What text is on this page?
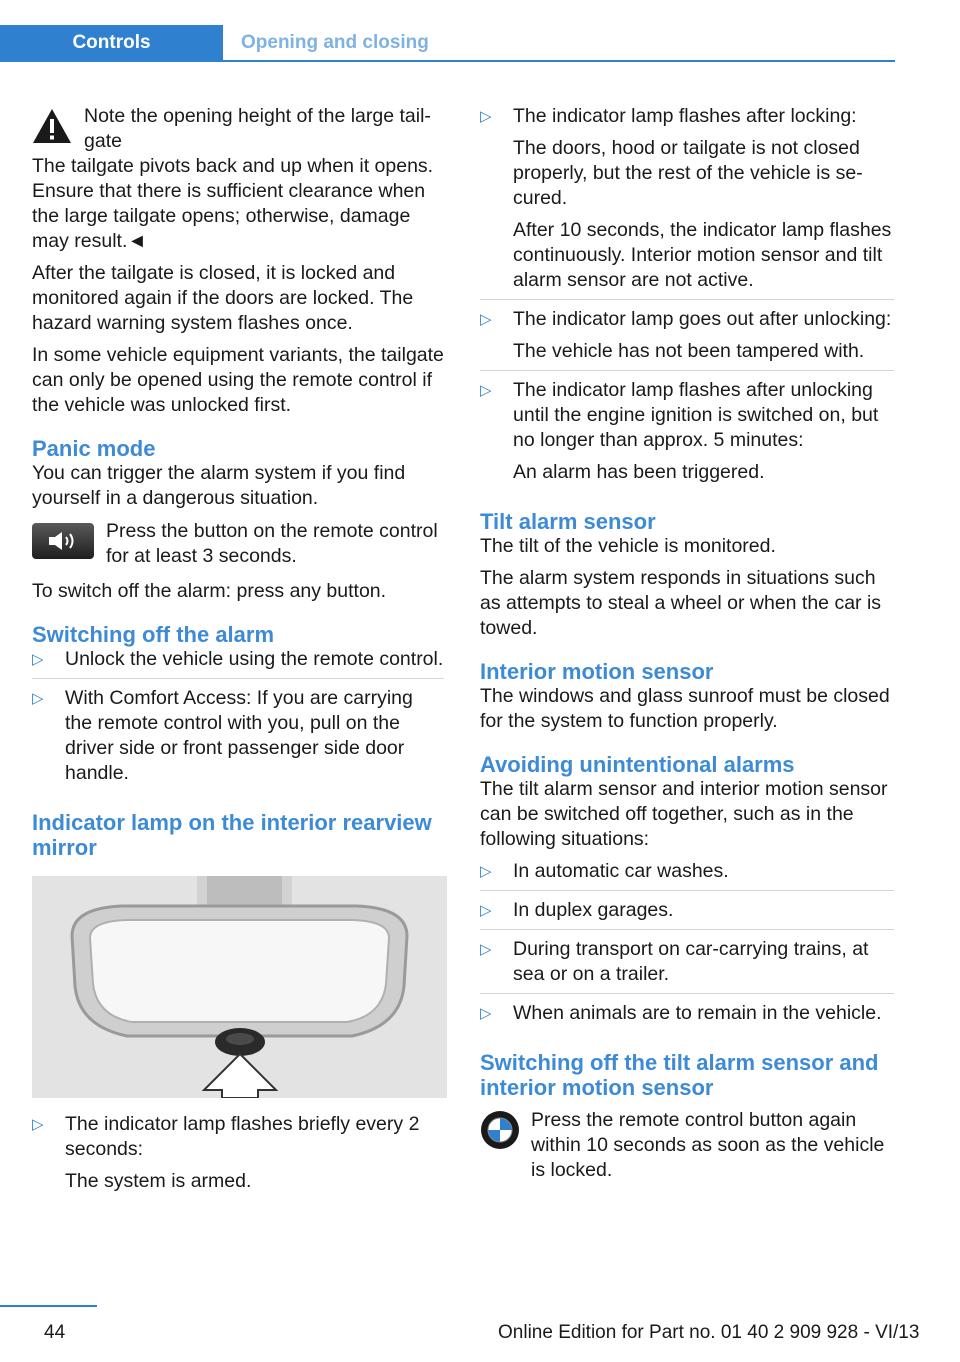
Controls	Opening and closing
Note the opening height of the large tailgate

The tailgate pivots back and up when it opens. Ensure that there is sufficient clearance when the large tailgate opens; otherwise, damage may result.◄

After the tailgate is closed, it is locked and monitored again if the doors are locked. The hazard warning system flashes once.

In some vehicle equipment variants, the tailgate can only be opened using the remote control if the vehicle was unlocked first.

Panic mode

You can trigger the alarm system if you find yourself in a dangerous situation.

Press the button on the remote control for at least 3 seconds.

To switch off the alarm: press any button.

Switching off the alarm
▷ Unlock the vehicle using the remote control.
▷ With Comfort Access: If you are carrying the remote control with you, pull on the driver side or front passenger side door handle.
Indicator lamp on the interior rearview mirror
▷ The indicator lamp flashes briefly every 2 seconds:

The system is armed.

▷ The indicator lamp flashes after locking:

The doors, hood or tailgate is not closed properly, but the rest of the vehicle is secured.

After 10 seconds, the indicator lamp flashes continuously. Interior motion sensor and tilt alarm sensor are not active.

▷ The indicator lamp goes out after unlocking:

The vehicle has not been tampered with.

▷ The indicator lamp flashes after unlocking until the engine ignition is switched on, but no longer than approx. 5 minutes:

An alarm has been triggered.

Tilt alarm sensor

The tilt of the vehicle is monitored.

The alarm system responds in situations such as attempts to steal a wheel or when the car is towed.

Interior motion sensor

The windows and glass sunroof must be closed for the system to function properly.

Avoiding unintentional alarms

The tilt alarm sensor and interior motion sensor can be switched off together, such as in the following situations:

▷ In automatic car washes.
▷ In duplex garages.
▷ During transport on car-carrying trains, at sea or on a trailer.
▷ When animals are to remain in the vehicle.
Switching off the tilt alarm sensor and interior motion sensor
Press the remote control button again within 10 seconds as soon as the vehicle is locked.
44	Online Edition for Part no. 01 40 2 909 928 - VI/13
